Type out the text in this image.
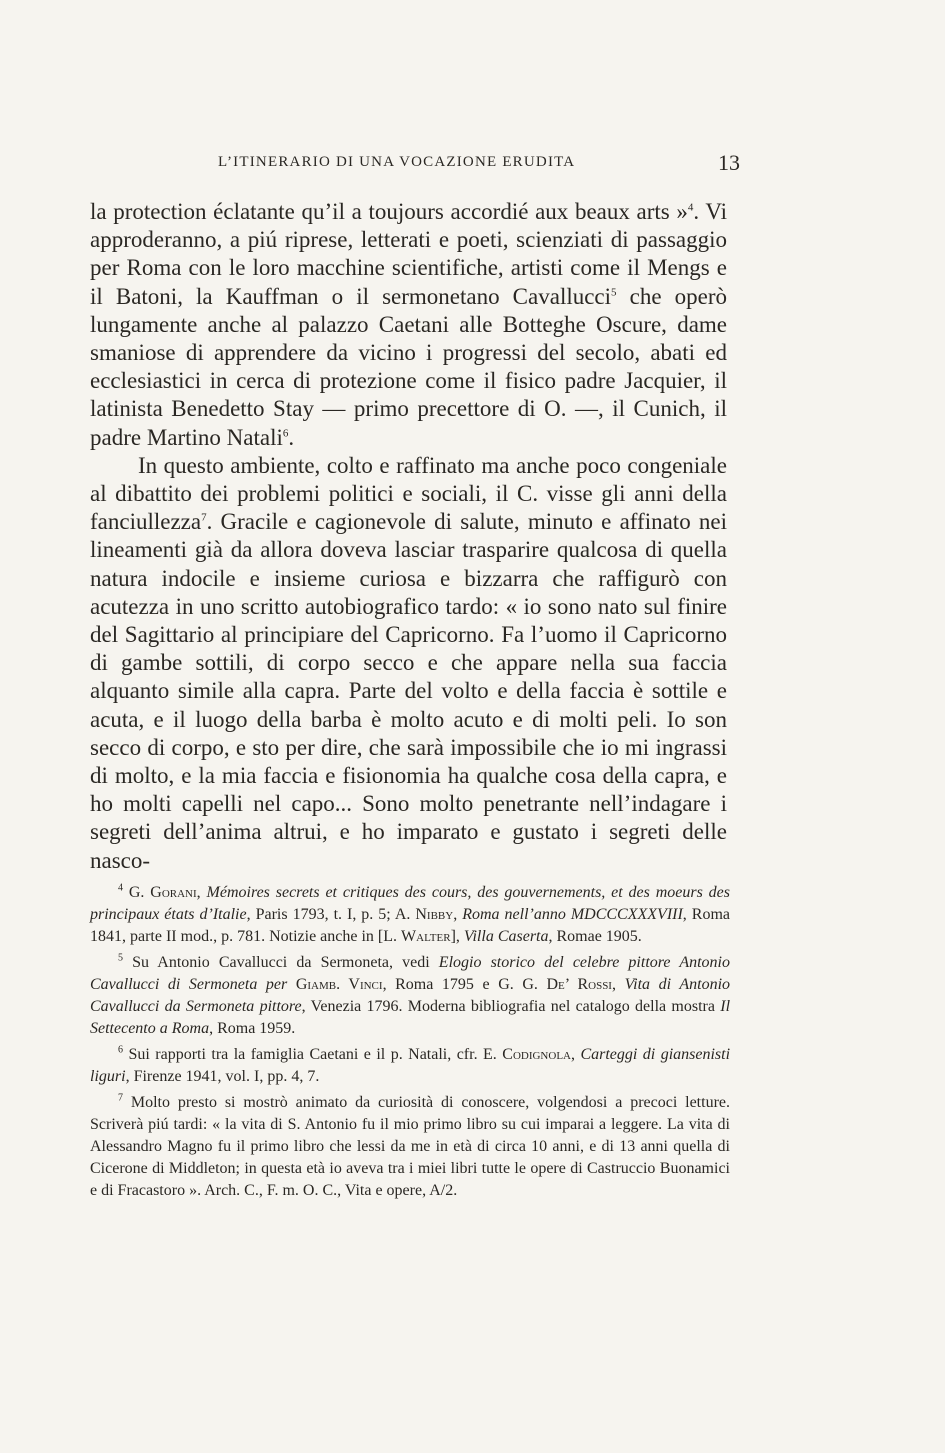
L’ITINERARIO DI UNA VOCAZIONE ERUDITA	13

la protection éclatante qu’il a toujours accordié aux beaux arts »$^4$. Vi approderanno, a piú riprese, letterati e poeti, scienziati di passaggio per Roma con le loro macchine scientifiche, artisti come il Mengs e il Batoni, la Kauffman o il sermonetano Cavallucci$^5$ che operò lungamente anche al palazzo Caetani alle Botteghe Oscure, dame smaniose di apprendere da vicino i progressi del secolo, abati ed ecclesiastici in cerca di protezione come il fisico padre Jacquier, il latinista Benedetto Stay — primo precettore di O. —, il Cunich, il padre Martino Natali$^6$.

In questo ambiente, colto e raffinato ma anche poco congeniale al dibattito dei problemi politici e sociali, il C. visse gli anni della fanciullezza$^7$. Gracile e cagionevole di salute, minuto e affinato nei lineamenti già da allora doveva lasciar trasparire qualcosa di quella natura indocile e insieme curiosa e bizzarra che raffigurò con acutezza in uno scritto autobiografico tardo: « io sono nato sul finire del Sagittario al principiare del Capricorno. Fa l’uomo il Capricorno di gambe sottili, di corpo secco e che appare nella sua faccia alquanto simile alla capra. Parte del volto e della faccia è sottile e acuta, e il luogo della barba è molto acuto e di molti peli. Io son secco di corpo, e sto per dire, che sarà impossibile che io mi ingrassi di molto, e la mia faccia e fisionomia ha qualche cosa della capra, e ho molti capelli nel capo... Sono molto penetrante nell’indagare i segreti dell’anima altrui, e ho imparato e gustato i segreti delle nasco-

$^4$ G. Gorani, Mémoires secrets et critiques des cours, des gouvernements, et des moeurs des principaux états d’Italie, Paris 1793, t. I, p. 5; A. Nibby, Roma nell’anno MDCCCXXXVIII, Roma 1841, parte II mod., p. 781. Notizie anche in [L. Walter], Villa Caserta, Romae 1905.

$^5$ Su Antonio Cavallucci da Sermoneta, vedi Elogio storico del celebre pittore Antonio Cavallucci di Sermoneta per Giamb. Vinci, Roma 1795 e G. G. De’ Rossi, Vita di Antonio Cavallucci da Sermoneta pittore, Venezia 1796. Moderna bibliografia nel catalogo della mostra Il Settecento a Roma, Roma 1959.

$^6$ Sui rapporti tra la famiglia Caetani e il p. Natali, cfr. E. Codignola, Carteggi di giansenisti liguri, Firenze 1941, vol. I, pp. 4, 7.

$^7$ Molto presto si mostrò animato da curiosità di conoscere, volgendosi a precoci letture. Scriverà piú tardi: « la vita di S. Antonio fu il mio primo libro su cui imparai a leggere. La vita di Alessandro Magno fu il primo libro che lessi da me in età di circa 10 anni, e di 13 anni quella di Cicerone di Middleton; in questa età io aveva tra i miei libri tutte le opere di Castruccio Buonamici e di Fracastoro ». Arch. C., F. m. O. C., Vita e opere, A/2.
